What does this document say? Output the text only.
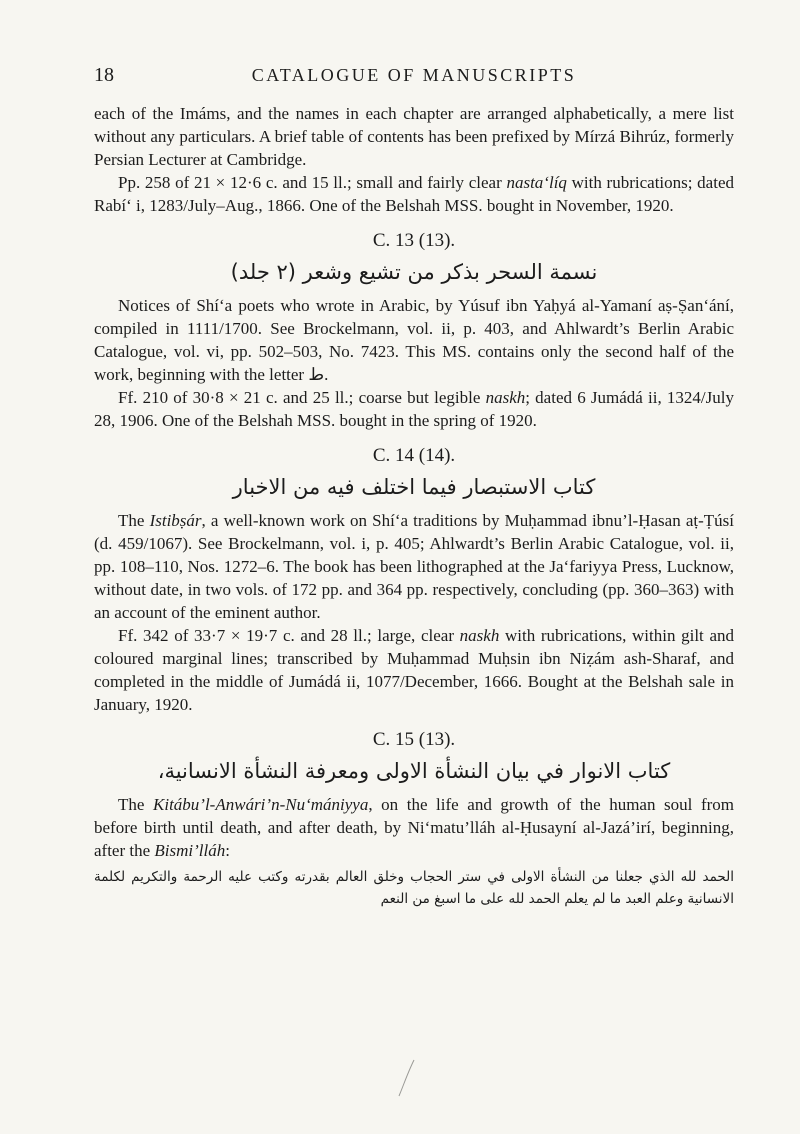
18	CATALOGUE OF MANUSCRIPTS

each of the Imáms, and the names in each chapter are arranged alphabetically, a mere list without any particulars. A brief table of contents has been prefixed by Mírzá Bihrúz, formerly Persian Lecturer at Cambridge.

Pp. 258 of 21 × 12·6 c. and 15 ll.; small and fairly clear nasta‘líq with rubrications; dated Rabí‘ i, 1283/July–Aug., 1866. One of the Belshah MSS. bought in November, 1920.

C. 13 (13).
نسمة السحر بذكر من تشيع وشعر (٢ جلد)

Notices of Shí‘a poets who wrote in Arabic, by Yúsuf ibn Yaḥyá al-Yamaní aṣ-Ṣan‘ání, compiled in 1111/1700. See Brockelmann, vol. ii, p. 403, and Ahlwardt’s Berlin Arabic Catalogue, vol. vi, pp. 502–503, No. 7423. This MS. contains only the second half of the work, beginning with the letter ط.

Ff. 210 of 30·8 × 21 c. and 25 ll.; coarse but legible naskh; dated 6 Jumádá ii, 1324/July 28, 1906. One of the Belshah MSS. bought in the spring of 1920.

C. 14 (14).
كتاب الاستبصار فيما اختلف فيه من الاخبار

The Istibṣár, a well-known work on Shí‘a traditions by Muḥammad ibnu’l-Ḥasan aṭ-Ṭúsí (d. 459/1067). See Brockelmann, vol. i, p. 405; Ahlwardt’s Berlin Arabic Catalogue, vol. ii, pp. 108–110, Nos. 1272–6. The book has been lithographed at the Ja‘fariyya Press, Lucknow, without date, in two vols. of 172 pp. and 364 pp. respectively, concluding (pp. 360–363) with an account of the eminent author.

Ff. 342 of 33·7 × 19·7 c. and 28 ll.; large, clear naskh with rubrications, within gilt and coloured marginal lines; transcribed by Muḥammad Muḥsin ibn Niẓám ash-Sharaf, and completed in the middle of Jumádá ii, 1077/December, 1666. Bought at the Belshah sale in January, 1920.

C. 15 (13).
كتاب الانوار في بيان النشأة الاولى ومعرفة النشأة الانسانية،

The Kitábu’l-Anwári’n-Nu‘mániyya, on the life and growth of the human soul from before birth until death, and after death, by Ni‘matu’lláh al-Ḥusayní al-Jazá’irí, beginning, after the Bismi’lláh:

الحمد لله الذي جعلنا من النشأة الاولى في ستر الحجاب وخلق العالم بقدرته وكتب عليه الرحمة والتكريم لكلمة الانسانية وعلم العبد ما لم يعلم الحمد لله على ما اسبغ من النعم
